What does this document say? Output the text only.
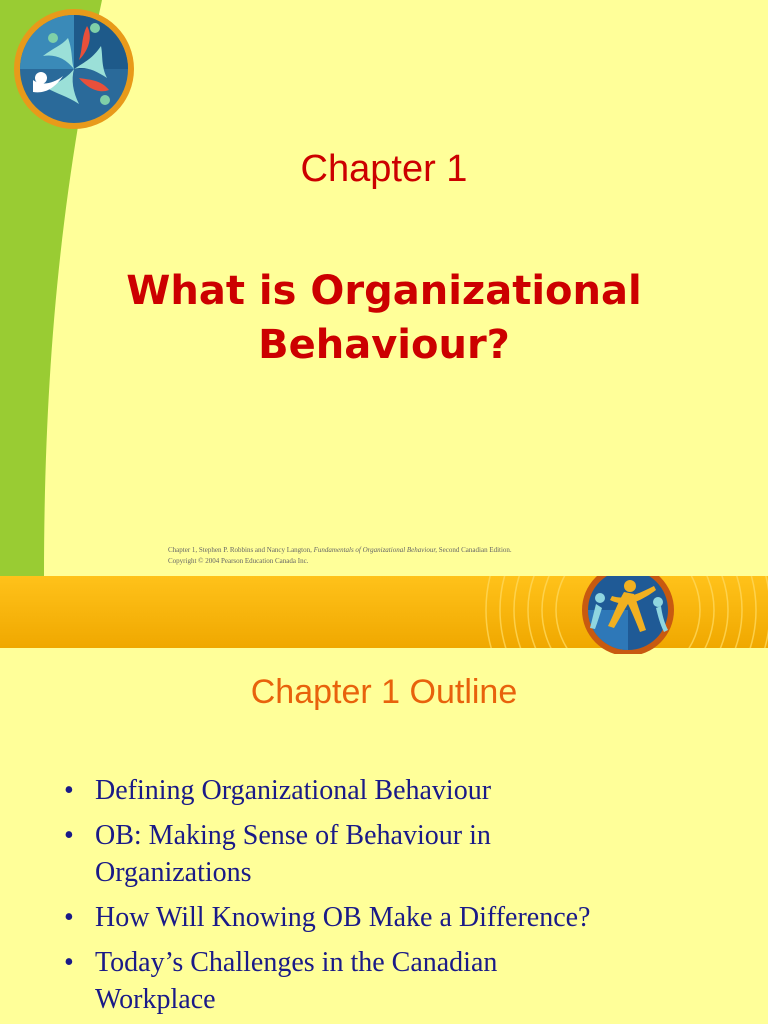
Chapter 1
What is Organizational
Behaviour?
Chapter 1, Stephen P. Robbins and Nancy Langton, Fundamentals of Organizational Behaviour, Second Canadian Edition.
Copyright © 2004 Pearson Education Canada Inc.
Chapter 1 Outline
• Defining Organizational Behaviour
• OB: Making Sense of Behaviour in
Organizations
• How Will Knowing OB Make a Difference?
• Today’s Challenges in the Canadian
Workplace
